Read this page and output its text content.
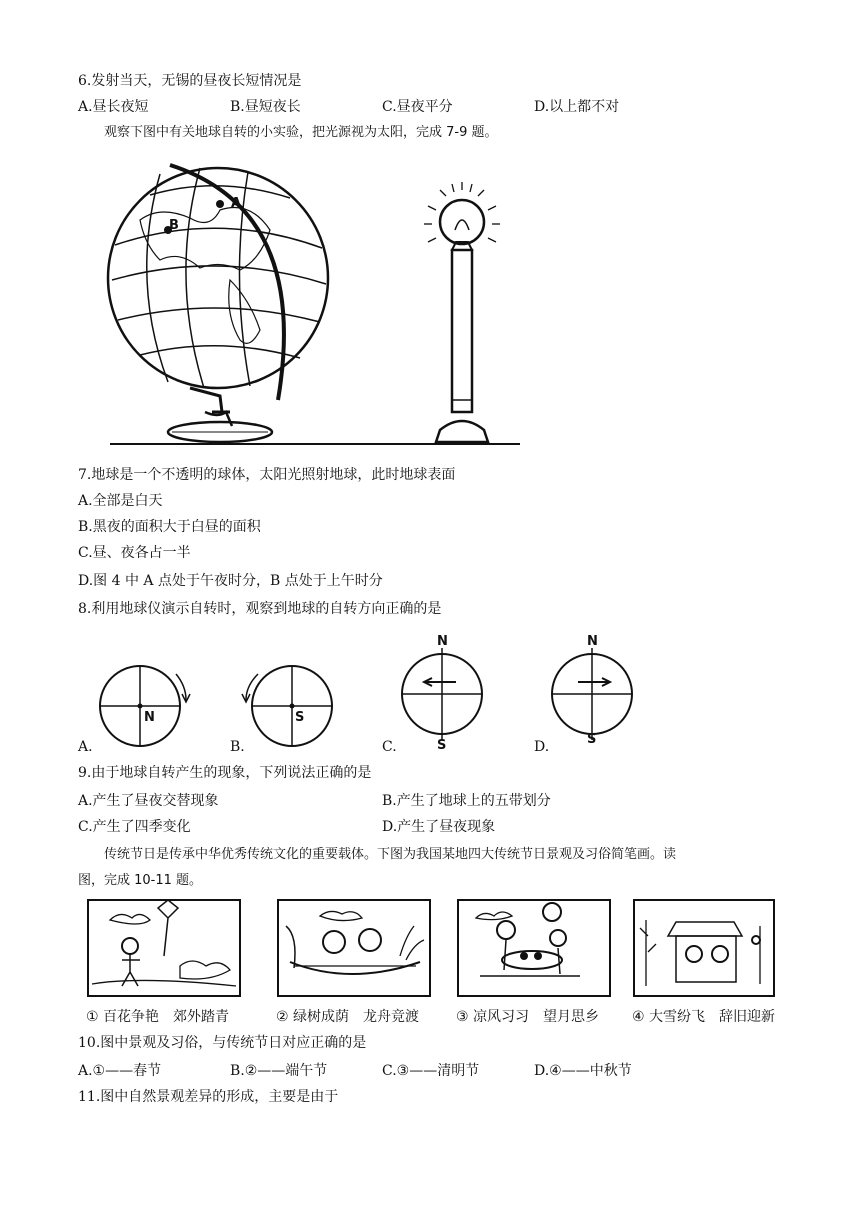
6.发射当天，无锡的昼夜长短情况是
A.昼长夜短	B.昼短夜长	C.昼夜平分	D.以上都不对
观察下图中有关地球自转的小实验，把光源视为太阳，完成 7-9 题。
A
B
7.地球是一个不透明的球体，太阳光照射地球，此时地球表面
A.全部是白天
B.黑夜的面积大于白昼的面积
C.昼、夜各占一半
D.图 4 中 A 点处于午夜时分，B 点处于上午时分
8.利用地球仪演示自转时，观察到地球的自转方向正确的是
N	S
N
S
N
S
A.	B.	C.	D.
9.由于地球自转产生的现象，下列说法正确的是
A.产生了昼夜交替现象	B.产生了地球上的五带划分
C.产生了四季变化	D.产生了昼夜现象
传统节日是传承中华优秀传统文化的重要载体。下图为我国某地四大传统节日景观及习俗简笔画。读
图，完成 10-11 题。
① 百花争艳　郊外踏青	② 绿树成荫　龙舟竞渡	③ 凉风习习　望月思乡 ④ 大雪纷飞　辞旧迎新
10.图中景观及习俗，与传统节日对应正确的是
A.①——春节	B.②——端午节	C.③——清明节	D.④——中秋节
11.图中自然景观差异的形成，主要是由于
